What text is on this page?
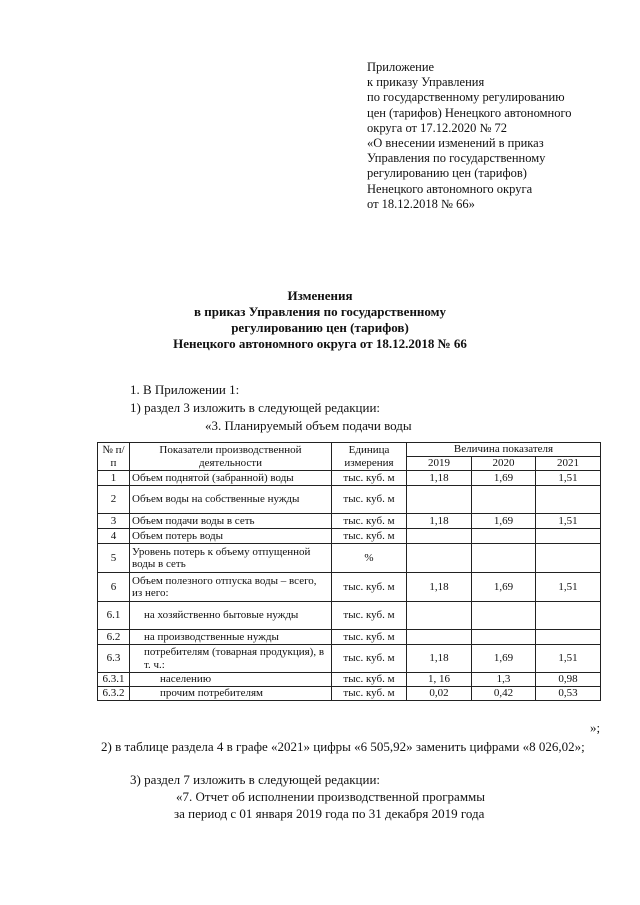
Приложение
к приказу Управления
по государственному регулированию
цен (тарифов) Ненецкого автономного
округа от 17.12.2020 № 72
«О внесении изменений в приказ
Управления по государственному
регулированию цен (тарифов)
Ненецкого автономного округа
от 18.12.2018 № 66»
Изменения
в приказ Управления по государственному
регулированию цен (тарифов)
Ненецкого автономного округа от 18.12.2018 № 66
1. В Приложении 1:
1) раздел 3 изложить в следующей редакции:
«3. Планируемый объем подачи воды
№ п/п	Показатели производственной деятельности	Единица измерения	Величина показателя		
			2019	2020	2021
1	Объем поднятой (забранной) воды	тыс. куб. м	1,18	1,69	1,51
2	Объем воды на собственные нужды	тыс. куб. м			
3	Объем подачи воды в сеть	тыс. куб. м	1,18	1,69	1,51
4	Объем потерь воды	тыс. куб. м			
5	Уровень потерь к объему отпущенной воды в сеть	%			
6	Объем полезного отпуска воды – всего, из него:	тыс. куб. м	1,18	1,69	1,51
6.1	на хозяйственно бытовые нужды	тыс. куб. м			
6.2	на производственные нужды	тыс. куб. м			
6.3	потребителям (товарная продукция), в т. ч.:	тыс. куб. м	1,18	1,69	1,51
6.3.1	населению	тыс. куб. м	1, 16	1,3	0,98
6.3.2	прочим потребителям	тыс. куб. м	0,02	0,42	0,53
»;
2) в таблице раздела 4 в графе «2021» цифры «6 505,92» заменить цифрами «8 026,02»;
3) раздел 7 изложить в следующей редакции:
«7. Отчет об исполнении производственной программы
за период с 01 января 2019 года по 31 декабря 2019 года
